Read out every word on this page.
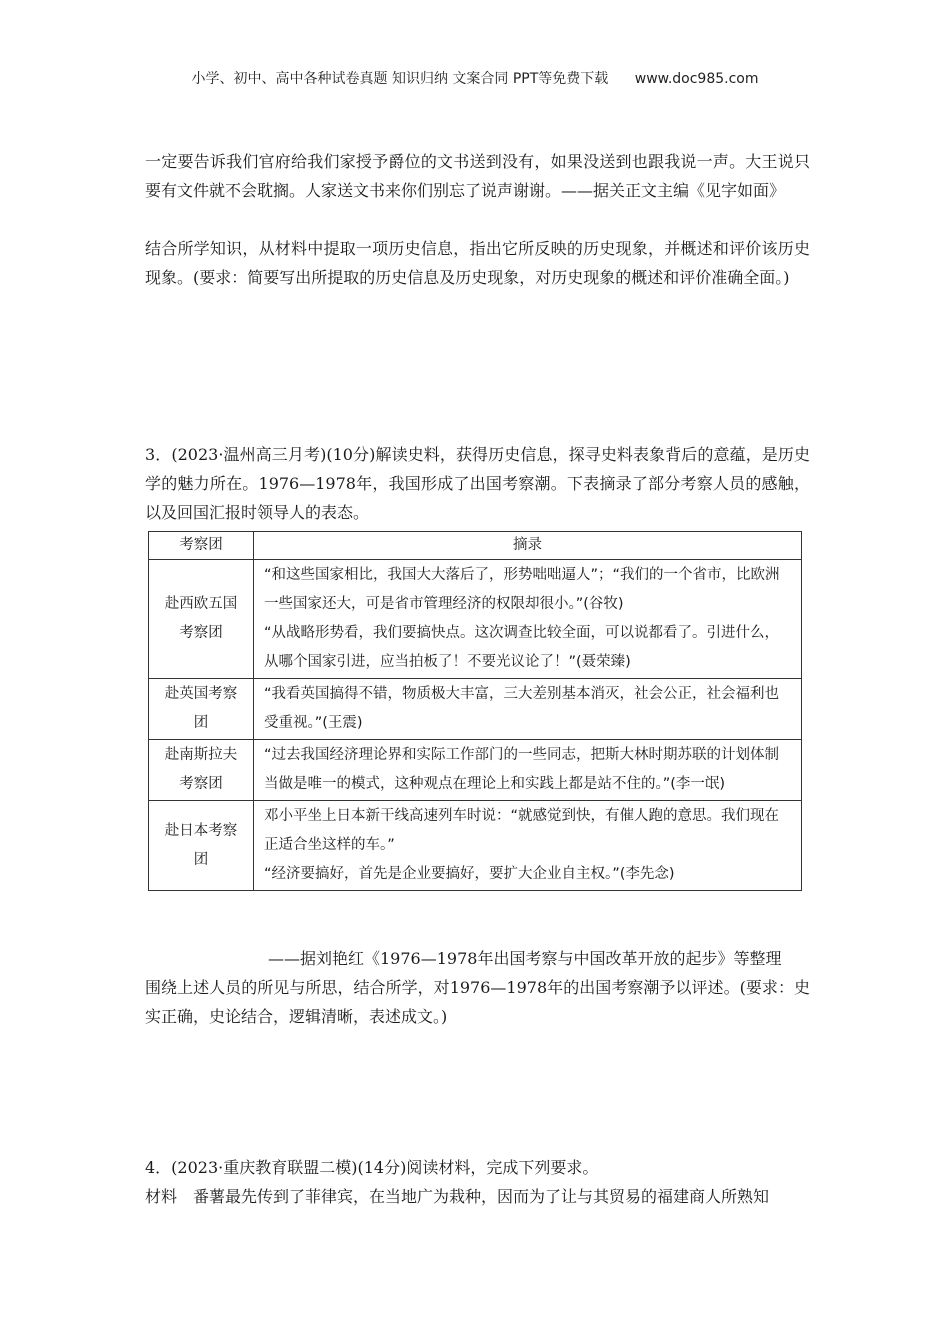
小学、初中、高中各种试卷真题 知识归纳 文案合同 PPT等免费下载 www.doc985.com

一定要告诉我们官府给我们家授予爵位的文书送到没有，如果没送到也跟我说一声。大王说只要有文件就不会耽搁。人家送文书来你们别忘了说声谢谢。——据关正文主编《见字如面》

结合所学知识，从材料中提取一项历史信息，指出它所反映的历史现象，并概述和评价该历史现象。(要求：简要写出所提取的历史信息及历史现象，对历史现象的概述和评价准确全面。)

3．(2023·温州高三月考)(10分)解读史料，获得历史信息，探寻史料表象背后的意蕴，是历史学的魅力所在。1976—1978年，我国形成了出国考察潮。下表摘录了部分考察人员的感触，以及回国汇报时领导人的表态。

考察团	摘录
赴西欧五国考察团	“和这些国家相比，我国大大落后了，形势咄咄逼人”；“我们的一个省市，比欧洲一些国家还大，可是省市管理经济的权限却很小。”(谷牧)
“从战略形势看，我们要搞快点。这次调查比较全面，可以说都看了。引进什么，从哪个国家引进，应当拍板了！不要光议论了！”(聂荣臻)

赴英国考察团	“我看英国搞得不错，物质极大丰富，三大差别基本消灭，社会公正，社会福利也受重视。”(王震)

赴南斯拉夫考察团	“过去我国经济理论界和实际工作部门的一些同志，把斯大林时期苏联的计划体制当做是唯一的模式，这种观点在理论上和实践上都是站不住的。”(李一氓)

赴日本考察团	邓小平坐上日本新干线高速列车时说：“就感觉到快，有催人跑的意思。我们现在正适合坐这样的车。”
“经济要搞好，首先是企业要搞好，要扩大企业自主权。”(李先念)

——据刘艳红《1976—1978年出国考察与中国改革开放的起步》等整理

围绕上述人员的所见与所思，结合所学，对1976—1978年的出国考察潮予以评述。(要求：史实正确，史论结合，逻辑清晰，表述成文。)

4．(2023·重庆教育联盟二模)(14分)阅读材料，完成下列要求。

材料　番薯最先传到了菲律宾，在当地广为栽种，因而为了让与其贸易的福建商人所熟知
